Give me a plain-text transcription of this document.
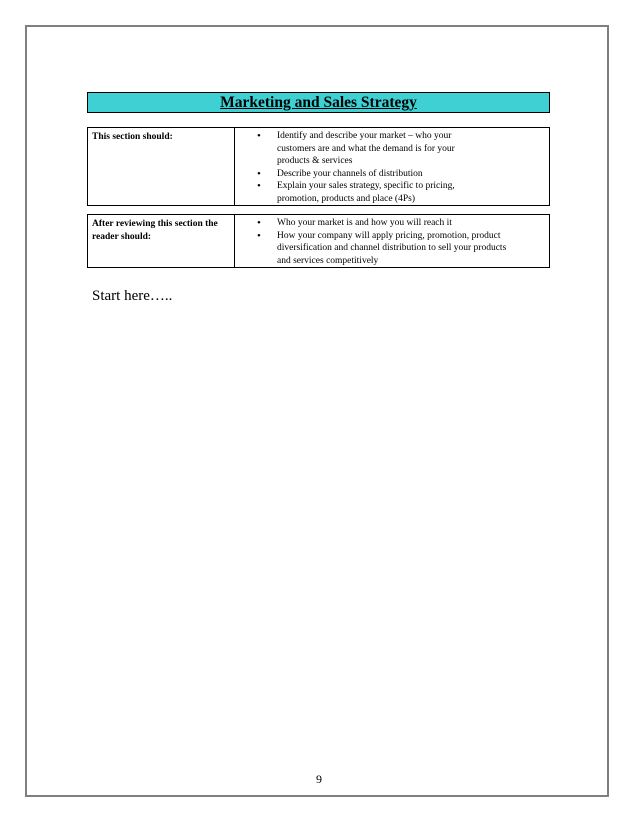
Marketing and Sales Strategy
This section should:
•	Identify and describe your market – who your customers are and what the demand is for your products & services
• Describe your channels of distribution
• Explain your sales strategy, specific to pricing, promotion, products and place (4Ps)
After reviewing this section the reader should:
• Who your market is and how you will reach it
• How your company will apply pricing, promotion, product diversification and channel distribution to sell your products and services competitively
Start here…..
9
